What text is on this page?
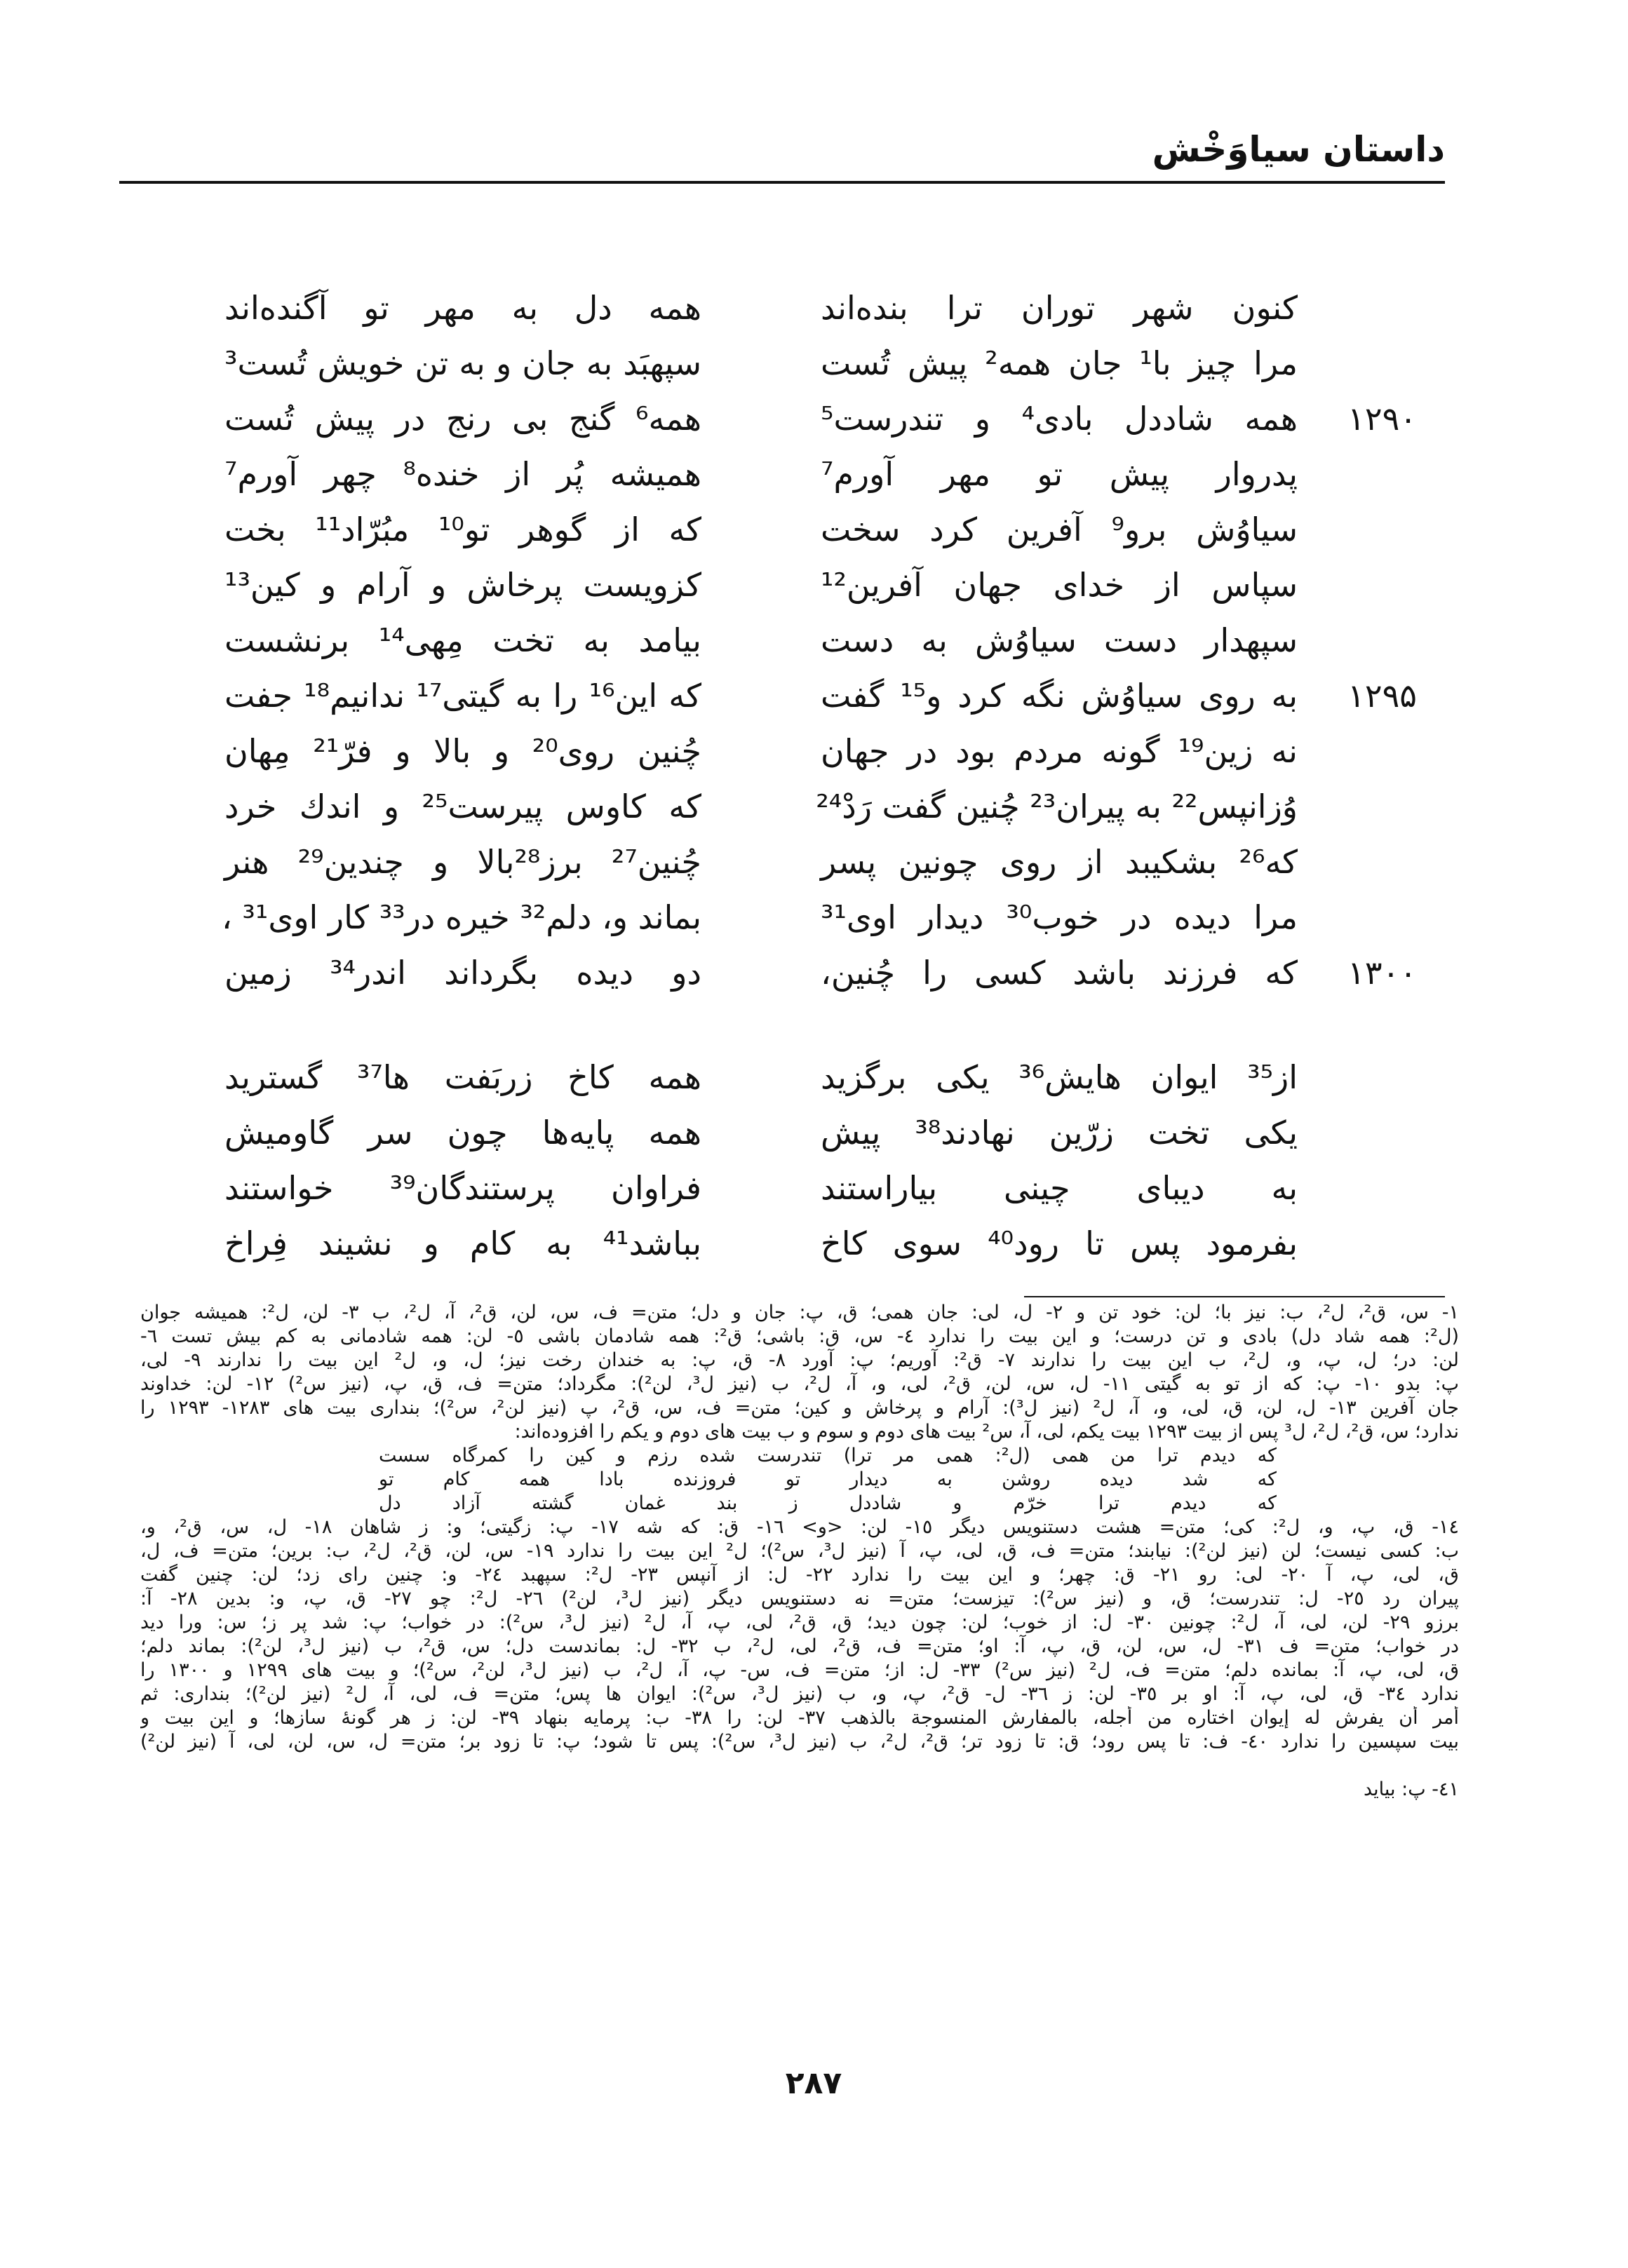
داستان سیاوَخْش
کنون شهر توران ترا بنده‌اند
همه دل به مهر تو آگنده‌اند
مرا چیز با¹ جان همه² پیش تُست
سپهبَد به جان و به تن خویش تُست³
۱۲۹۰
همه شاددل بادی⁴ و تندرست⁵
همه⁶ گنج بی رنج در پیش تُست
پدروار پیش تو مهر آورم⁷
همیشه پُر از خنده⁸ چهر آورم⁷
سیاوُش برو⁹ آفرین کرد سخت
که از گوهر تو¹⁰ مبُرّاد¹¹ بخت
سپاس از خدای جهان آفرین¹²
کزویست پرخاش و آرام و کین¹³
سپهدار دست سیاوُش به دست
بیامد به تخت مِهی¹⁴ برنشست
۱۲۹۵
به روی سیاوُش نگه کرد و¹⁵ گفت
که این¹⁶ را به گیتی¹⁷ ندانیم¹⁸ جفت
نه زین¹⁹ گونه مردم بود در جهان
چُنین روی²⁰ و بالا و فرّ²¹ مِهان
وُزانپس²² به پیران²³ چُنین گفت رَدْ²⁴
که کاوس پیرست²⁵ و اندك خرد
که²⁶ بشکیبد از روی چونین پسر
چُنین²⁷ برز²⁸بالا و چندین²⁹ هنر
مرا دیده در خوب³⁰ دیدار اوی³¹
بماند و، دلم³² خیره در³³ کار اوی³¹ ،
۱۳۰۰
که فرزند باشد کسی را چُنین،
دو دیده بگرداند اندر³⁴ زمین
از³⁵ ایوان هایش³⁶ یکی برگزید
همه کاخ زربَفت ها³⁷ گسترید
یکی تخت زرّین نهادند³⁸ پیش
همه پایه‌ها چون سر گاومیش
به دیبای چینی بیاراستند
فراوان پرستندگان³⁹ خواستند
بفرمود پس تا رود⁴⁰ سوی کاخ
بباشد⁴¹ به کام و نشیند فِراخ
۱- س، ق²، ل²، ب: نیز با؛ لن: خود تن و ۲- ل، لی: جان همی؛ ق، پ: جان و دل؛ متن= ف، س، لن، ق²، آ، ل²، ب ۳- لن، ل²: همیشه جوان
(ل²: همه شاد دل) بادی و تن درست؛ و این بیت را ندارد ٤- س، ق: باشی؛ ق²: همه شادمان باشی ٥- لن: همه شادمانی به کم بیش تست ٦-
لن: در؛ ل، پ، و، ل²، ب این بیت را ندارند ۷- ق²: آوریم؛ پ: آورد ۸- ق، پ: به خندان رخت نیز؛ ل، و، ل² این بیت را ندارند ۹- لی،
پ: بدو ۱۰- پ: که از تو به گیتی ۱۱- ل، س، لن، ق²، لی، و، آ، ل²، ب (نیز ل³، لن²): مگرداد؛ متن= ف، ق، پ، (نیز س²) ۱۲- لن: خداوند
جان آفرین ۱۳- ل، لن، ق، لی، و، آ، ل² (نیز ل³): آرام و پرخاش و کین؛ متن= ف، س، ق²، پ (نیز لن²، س²)؛ بنداری بیت های ۱۲۸۳- ۱۲۹۳ را
ندارد؛ س، ق²، ل²، ل³ پس از بیت ۱۲۹۳ بیت یکم، لی، آ، س² بیت های دوم و سوم و ب بیت های دوم و یکم را افزوده‌اند:
که دیدم ترا من همی (ل²: همی مر ترا) تندرست شده رزم و کین را کمرگاه سست
که شد دیده روشن به دیدار تو فروزنده بادا همه کام تو
که دیدم ترا خرّم و شاددل ز بند غمان گشته آزاد دل
١٤- ق، پ، و، ل²: کی؛ متن= هشت دستنویس دیگر ١٥- لن: <و> ١٦- ق: که شه ١٧- پ: زگیتی؛ و: ز شاهان ١٨- ل، س، ق²، و،
ب: کسی نیست؛ لن (نیز لن²): نیابند؛ متن= ف، ق، لی، پ، آ (نیز ل³، س²)؛ ل² این بیت را ندارد ١٩- س، لن، ق²، ل²، ب: برین؛ متن= ف، ل،
ق، لی، پ، آ ٢٠- لی: رو ٢١- ق: چهر؛ و این بیت را ندارد ٢٢- ل: از آنپس ٢٣- ل²: سپهبد ٢٤- و: چنین رای زد؛ لن: چنین گفت
پیران رد ٢٥- ل: تندرست؛ ق، و (نیز س²): تیزست؛ متن= نه دستنویس دیگر (نیز ل³، لن²) ٢٦- ل²: چو ٢٧- ق، پ، و: بدین ٢٨- آ:
برزو ٢٩- لن، لی، آ، ل²: چونین ٣٠- ل: از خوب؛ لن: چون دید؛ ق، ق²، لی، پ، آ، ل² (نیز ل³، س²): در خواب؛ پ: شد پر ز؛ س: ورا دید
در خواب؛ متن= ف ٣١- ل، س، لن، ق، پ، آ: او؛ متن= ف، ق²، لی، ل²، ب ٣٢- ل: بماندست دل؛ س، ق²، ب (نیز ل³، لن²): بماند دلم؛
ق، لی، پ، آ: بمانده دلم؛ متن= ف، ل² (نیز س²) ٣٣- ل: از؛ متن= ف، س- پ، آ، ل²، ب (نیز ل³، لن²، س²)؛ و بیت های ۱۲۹۹ و ۱۳۰۰ را
ندارد ٣٤- ق، لی، پ، آ: او بر ٣٥- لن: ز ٣٦- ل- ق²، پ، و، ب (نیز ل³، س²): ایوان ها پس؛ متن= ف، لی، آ، ل² (نیز لن²)؛ بنداری: ثم
أمر أن یفرش له إیوان اختاره من أجله، بالمفارش المنسوجة بالذهب ٣٧- لن: را ٣٨- ب: پرمایه بنهاد ٣٩- لن: ز هر گونهٔ سازها؛ و این بیت و
بیت سپسین را ندارد ٤٠- ف: تا پس رود؛ ق: تا زود تر؛ ق²، ل²، ب (نیز ل³، س²): پس تا شود؛ پ: تا زود بر؛ متن= ل، س، لن، لی، آ (نیز لن²)
٤١- پ: بیاید
۲۸۷
